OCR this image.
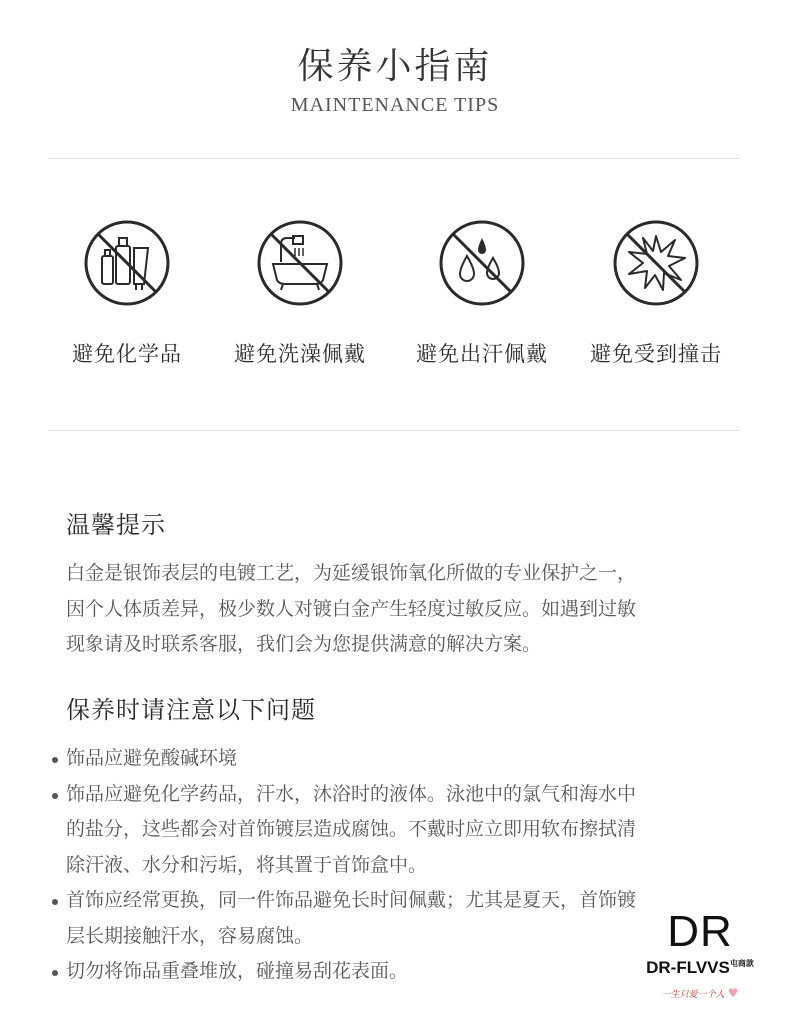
保养小指南
MAINTENANCE TIPS
避免化学品	避免洗澡佩戴	避免出汗佩戴	避免受到撞击
温馨提示
白金是银饰表层的电镀工艺，为延缓银饰氧化所做的专业保护之一，
因个人体质差异，极少数人对镀白金产生轻度过敏反应。如遇到过敏
现象请及时联系客服，我们会为您提供满意的解决方案。
保养时请注意以下问题
饰品应避免酸碱环境
饰品应避免化学药品，汗水，沐浴时的液体。泳池中的氯气和海水中
的盐分，这些都会对首饰镀层造成腐蚀。不戴时应立即用软布擦拭清
除汗液、水分和污垢，将其置于首饰盒中。
首饰应经常更换，同一件饰品避免长时间佩戴；尤其是夏天，首饰镀
层长期接触汗水，容易腐蚀。
切勿将饰品重叠堆放，碰撞易刮花表面。
DR
$DR-FLVVS^{屯商款}$
一生只爱一个人 ♥
